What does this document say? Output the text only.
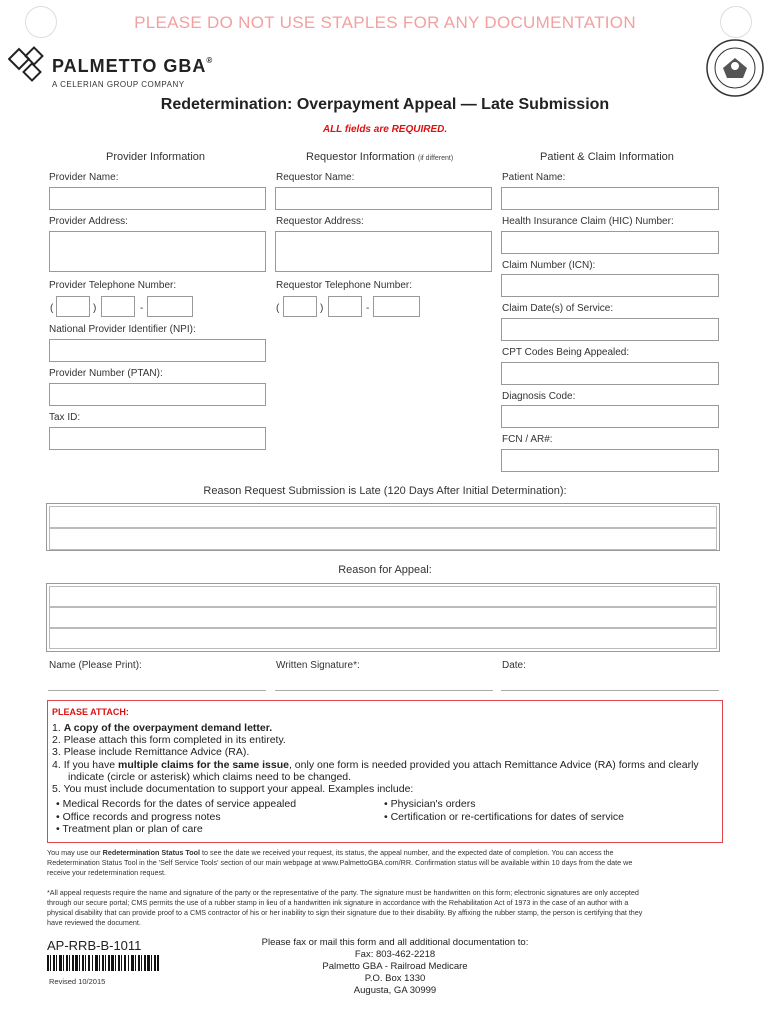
PLEASE DO NOT USE STAPLES FOR ANY DOCUMENTATION
PALMETTO GBA®
A CELERIAN GROUP COMPANY
Redetermination: Overpayment Appeal — Late Submission
ALL fields are REQUIRED.
Provider Information	Requestor Information (if different)	Patient & Claim Information
Provider Name:
Provider Address:
Provider Telephone Number:
(	)	-
National Provider Identifier (NPI):
Provider Number (PTAN):
Tax ID:
Requestor Name:
Requestor Address:
Requestor Telephone Number:
(	)	-
Patient Name:
Health Insurance Claim (HIC) Number:
Claim Number (ICN):
Claim Date(s) of Service:
CPT Codes Being Appealed:
Diagnosis Code:
FCN / AR#:
Reason Request Submission is Late (120 Days After Initial Determination):
Reason for Appeal:
Name (Please Print):	Written Signature*:	Date:
PLEASE ATTACH:
1. A copy of the overpayment demand letter.
2. Please attach this form completed in its entirety.
3. Please include Remittance Advice (RA).
4. If you have multiple claims for the same issue, only one form is needed provided you attach Remittance Advice (RA) forms and clearly
indicate (circle or asterisk) which claims need to be changed.
5. You must include documentation to support your appeal. Examples include:
• Medical Records for the dates of service appealed
• Office records and progress notes
• Treatment plan or plan of care
• Physician's orders
• Certification or re-certifications for dates of service
You may use our Redetermination Status Tool to see the date we received your request, its status, the appeal number, and the expected date of completion. You can access the
Redetermination Status Tool in the 'Self Service Tools' section of our main webpage at www.PalmettoGBA.com/RR. Confirmation status will be available within 10 days from the date we
receive your redetermination request.
*All appeal requests require the name and signature of the party or the representative of the party. The signature must be handwritten on this form; electronic signatures are only accepted
through our secure portal; CMS permits the use of a rubber stamp in lieu of a handwritten ink signature in accordance with the Rehabilitation Act of 1973 in the case of an author with a
physical disability that can provide proof to a CMS contractor of his or her inability to sign their signature due to their disability. By affixing the rubber stamp, the person is certifying that they
have reviewed the document.
AP-RRB-B-1011
Revised 10/2015
Please fax or mail this form and all additional documentation to:
Fax: 803-462-2218
Palmetto GBA - Railroad Medicare
P.O. Box 1330
Augusta, GA 30999
